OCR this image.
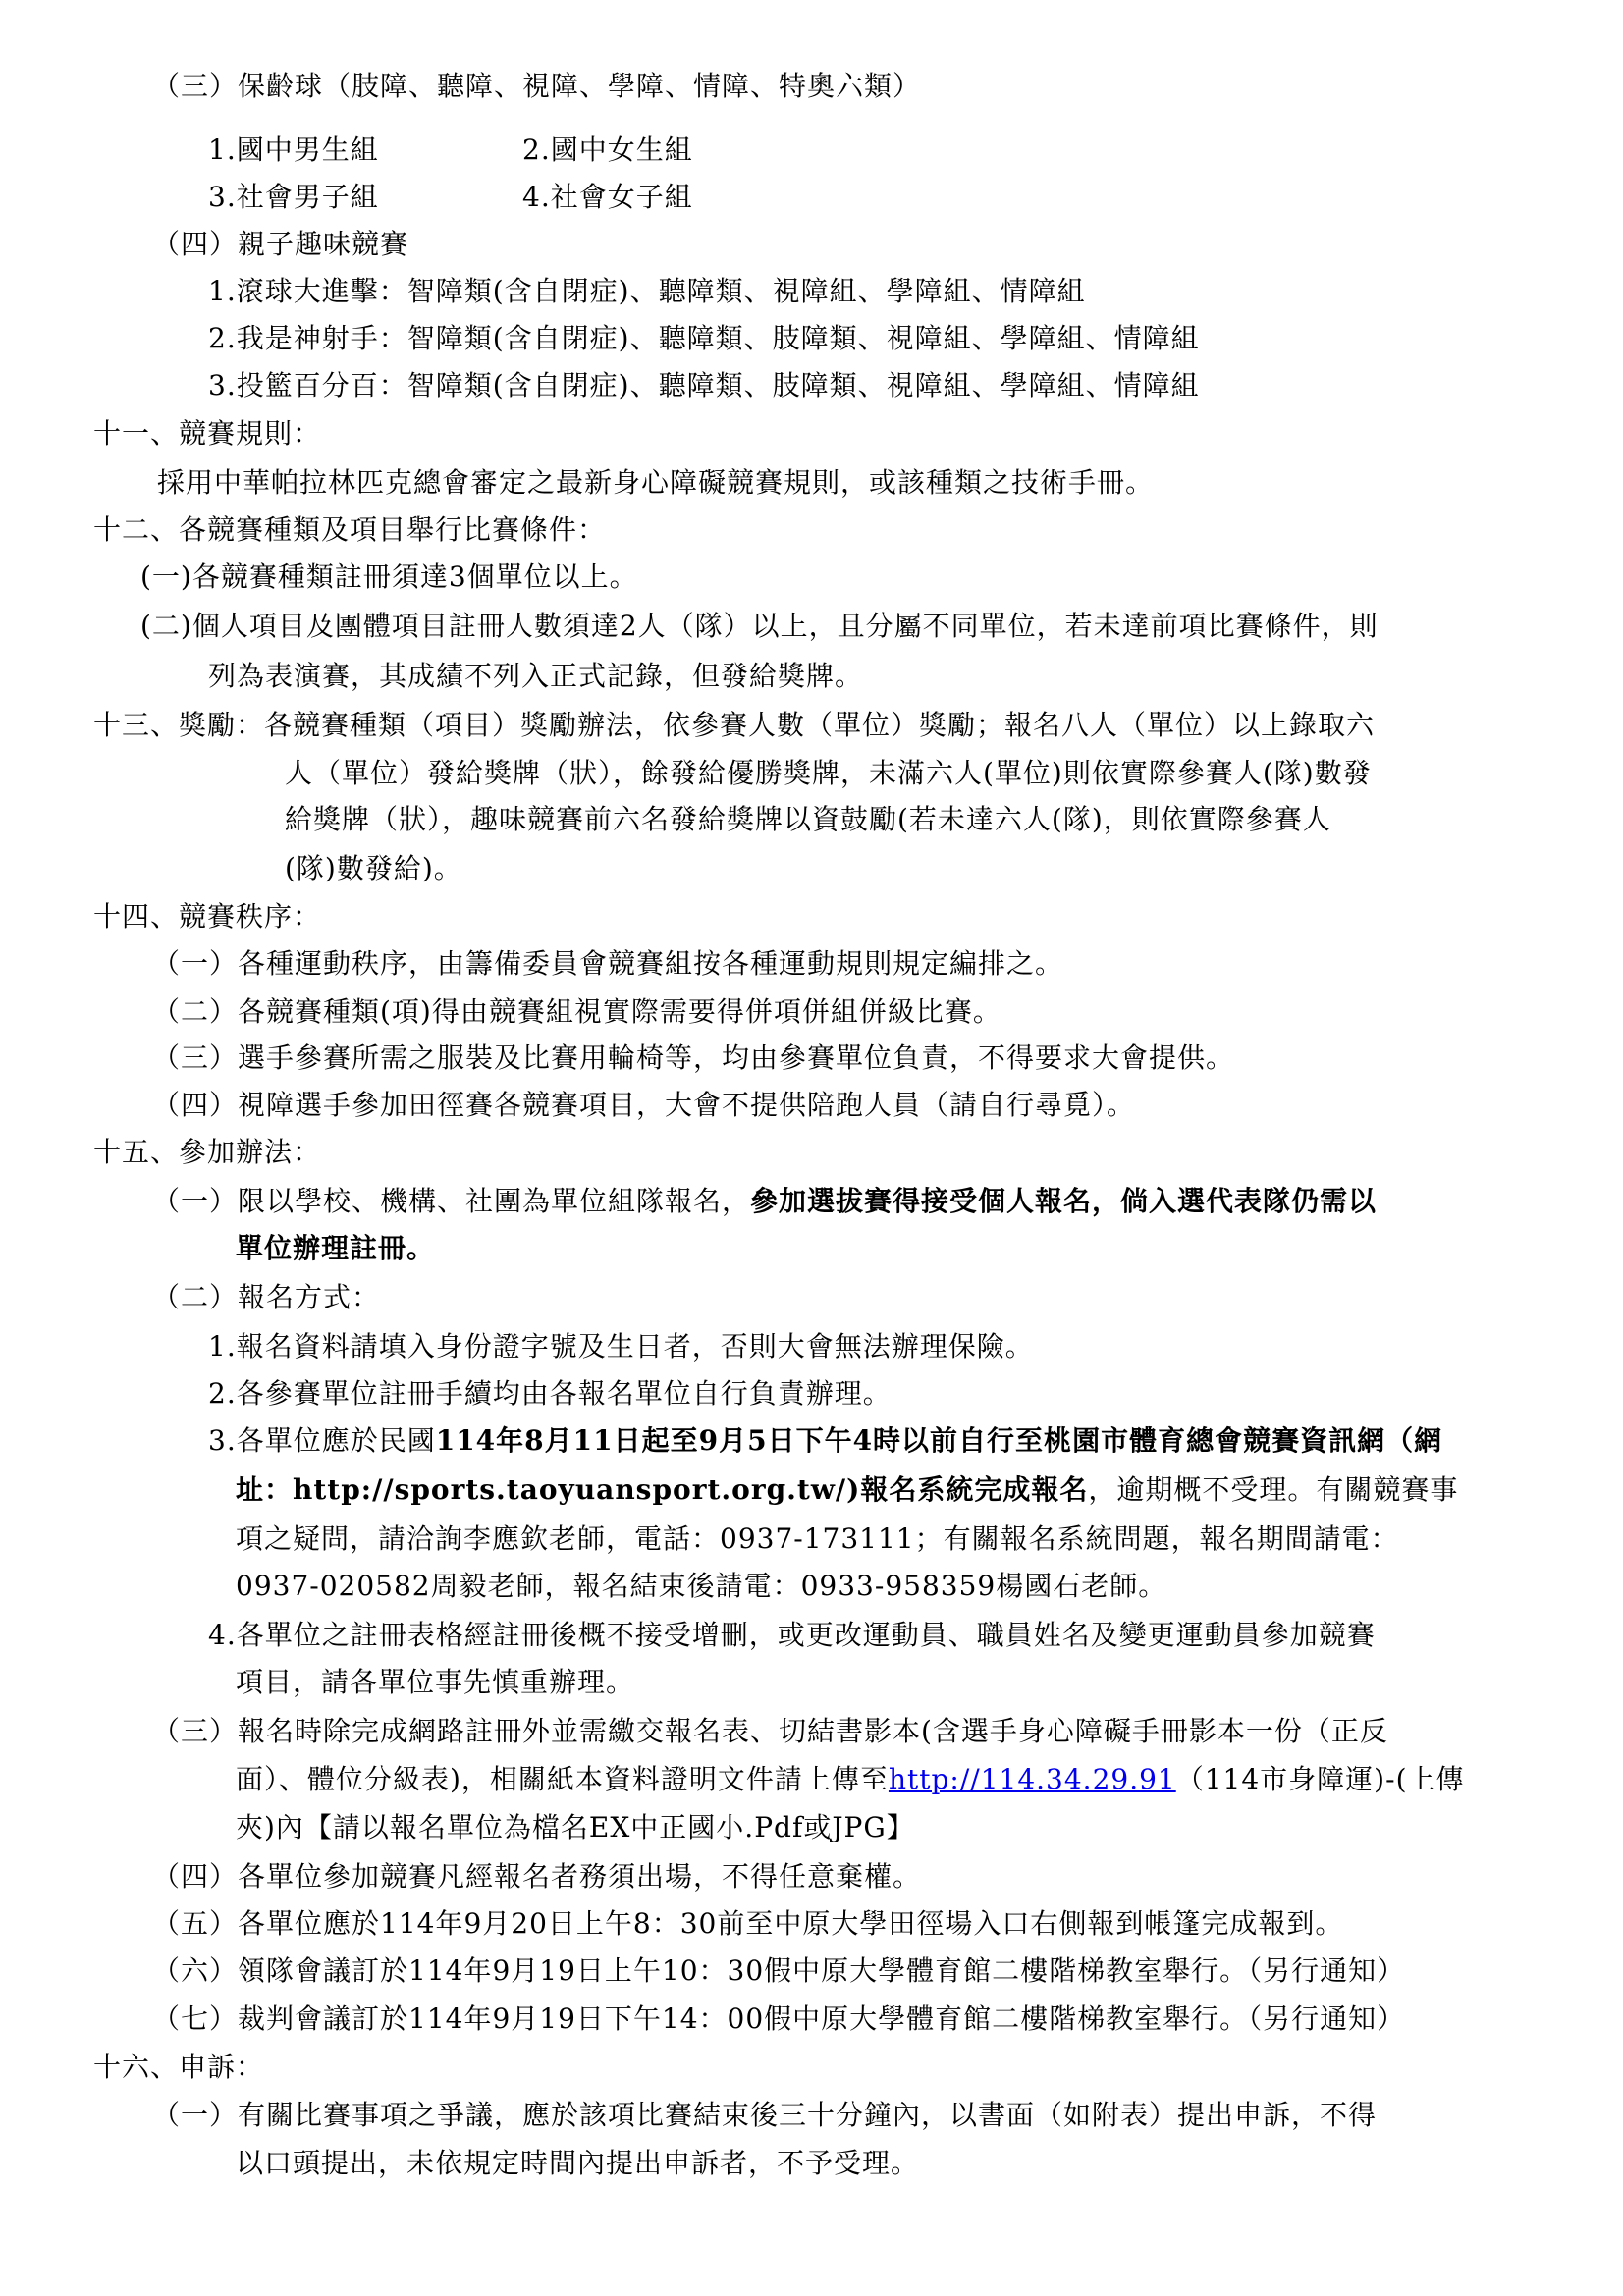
（三）保齡球（肢障、聽障、視障、學障、情障、特奧六類）
1.國中男生組	2.國中女生組
3.社會男子組	4.社會女子組
（四）親子趣味競賽
1.滾球大進擊：智障類(含自閉症)、聽障類、視障組、學障組、情障組
2.我是神射手：智障類(含自閉症)、聽障類、肢障類、視障組、學障組、情障組
3.投籃百分百：智障類(含自閉症)、聽障類、肢障類、視障組、學障組、情障組
十一、競賽規則：
採用中華帕拉林匹克總會審定之最新身心障礙競賽規則，或該種類之技術手冊。
十二、各競賽種類及項目舉行比賽條件：
(一)各競賽種類註冊須達3個單位以上。
(二)個人項目及團體項目註冊人數須達2人（隊）以上，且分屬不同單位，若未達前項比賽條件，則
列為表演賽，其成績不列入正式記錄，但發給獎牌。
十三、獎勵：各競賽種類（項目）獎勵辦法，依參賽人數（單位）獎勵；報名八人（單位）以上錄取六
人（單位）發給獎牌（狀），餘發給優勝獎牌，未滿六人(單位)則依實際參賽人(隊)數發
給獎牌（狀），趣味競賽前六名發給獎牌以資鼓勵(若未達六人(隊)，則依實際參賽人
(隊)數發給)。
十四、競賽秩序：
（一）各種運動秩序，由籌備委員會競賽組按各種運動規則規定編排之。
（二）各競賽種類(項)得由競賽組視實際需要得併項併組併級比賽。
（三）選手參賽所需之服裝及比賽用輪椅等，均由參賽單位負責，不得要求大會提供。
（四）視障選手參加田徑賽各競賽項目，大會不提供陪跑人員（請自行尋覓）。
十五、參加辦法：
（一）限以學校、機構、社團為單位組隊報名，參加選拔賽得接受個人報名，倘入選代表隊仍需以
單位辦理註冊。
（二）報名方式：
1.報名資料請填入身份證字號及生日者，否則大會無法辦理保險。
2.各參賽單位註冊手續均由各報名單位自行負責辦理。
3.各單位應於民國114年8月11日起至9月5日下午4時以前自行至桃園市體育總會競賽資訊網（網
址：http://sports.taoyuansport.org.tw/)報名系統完成報名，逾期概不受理。有關競賽事
項之疑問，請洽詢李應欽老師，電話：0937-173111；有關報名系統問題，報名期間請電：
0937-020582周毅老師，報名結束後請電：0933-958359楊國石老師。
4.各單位之註冊表格經註冊後概不接受增刪，或更改運動員、職員姓名及變更運動員參加競賽
項目，請各單位事先慎重辦理。
（三）報名時除完成網路註冊外並需繳交報名表、切結書影本(含選手身心障礙手冊影本一份（正反
面）、體位分級表)，相關紙本資料證明文件請上傳至http://114.34.29.91（114市身障運)-(上傳
夾)內【請以報名單位為檔名EX中正國小.Pdf或JPG】
（四）各單位參加競賽凡經報名者務須出場，不得任意棄權。
（五）各單位應於114年9月20日上午8：30前至中原大學田徑場入口右側報到帳篷完成報到。
（六）領隊會議訂於114年9月19日上午10：30假中原大學體育館二樓階梯教室舉行。（另行通知）
（七）裁判會議訂於114年9月19日下午14：00假中原大學體育館二樓階梯教室舉行。（另行通知）
十六、申訴：
（一）有關比賽事項之爭議，應於該項比賽結束後三十分鐘內，以書面（如附表）提出申訴，不得
以口頭提出，未依規定時間內提出申訴者，不予受理。
